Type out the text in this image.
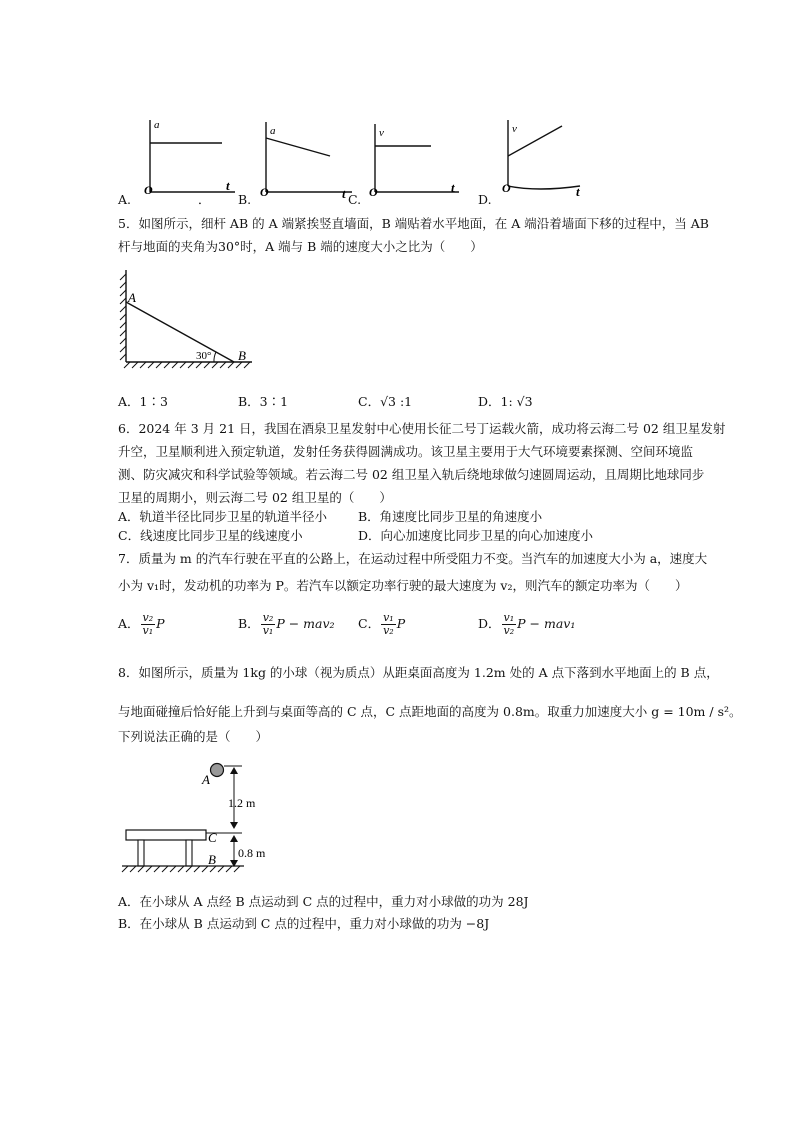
a
t
O
A.	．
a
t
O
B.
v
t
O
C.
v
t
O
D.
5．如图所示，细杆 AB 的 A 端紧挨竖直墙面，B 端贴着水平地面，在 A 端沿着墙面下移的过程中，当 AB
杆与地面的夹角为30°时，A 端与 B 端的速度大小之比为（　　）
A
B
30°
A．1∶3	B．3∶1	C．√3 :1	D．1: √3
6．2024 年 3 月 21 日，我国在酒泉卫星发射中心使用长征二号丁运载火箭，成功将云海二号 02 组卫星发射
升空，卫星顺利进入预定轨道，发射任务获得圆满成功。该卫星主要用于大气环境要素探测、空间环境监
测、防灾减灾和科学试验等领域。若云海二号 02 组卫星入轨后绕地球做匀速圆周运动，且周期比地球同步
卫星的周期小，则云海二号 02 组卫星的（　　）
A．轨道半径比同步卫星的轨道半径小 B．角速度比同步卫星的角速度小
C．线速度比同步卫星的线速度小	D．向心加速度比同步卫星的向心加速度小
7．质量为 m 的汽车行驶在平直的公路上，在运动过程中所受阻力不变。当汽车的加速度大小为 a，速度大
小为 v₁时，发动机的功率为 P。若汽车以额定功率行驶的最大速度为 v₂，则汽车的额定功率为（　　）
A． $\frac{\text{v₂}}{\text{v₁}}$ P	B． $\frac{\text{v₂}}{\text{v₁}}$ P − mav₂ C． $\frac{\text{v₁}}{\text{v₂}}$ P	D． $\frac{\text{v₁}}{\text{v₂}}$ P − mav₁
8．如图所示，质量为 1kg 的小球（视为质点）从距桌面高度为 1.2m 处的 A 点下落到水平地面上的 B 点，
与地面碰撞后恰好能上升到与桌面等高的 C 点，C 点距地面的高度为 0.8m。取重力加速度大小 g = 10m / s²。
下列说法正确的是（　　）
A
1.2 m
C
0.8 m
B
A．在小球从 A 点经 B 点运动到 C 点的过程中，重力对小球做的功为 28J
B．在小球从 B 点运动到 C 点的过程中，重力对小球做的功为 −8J
